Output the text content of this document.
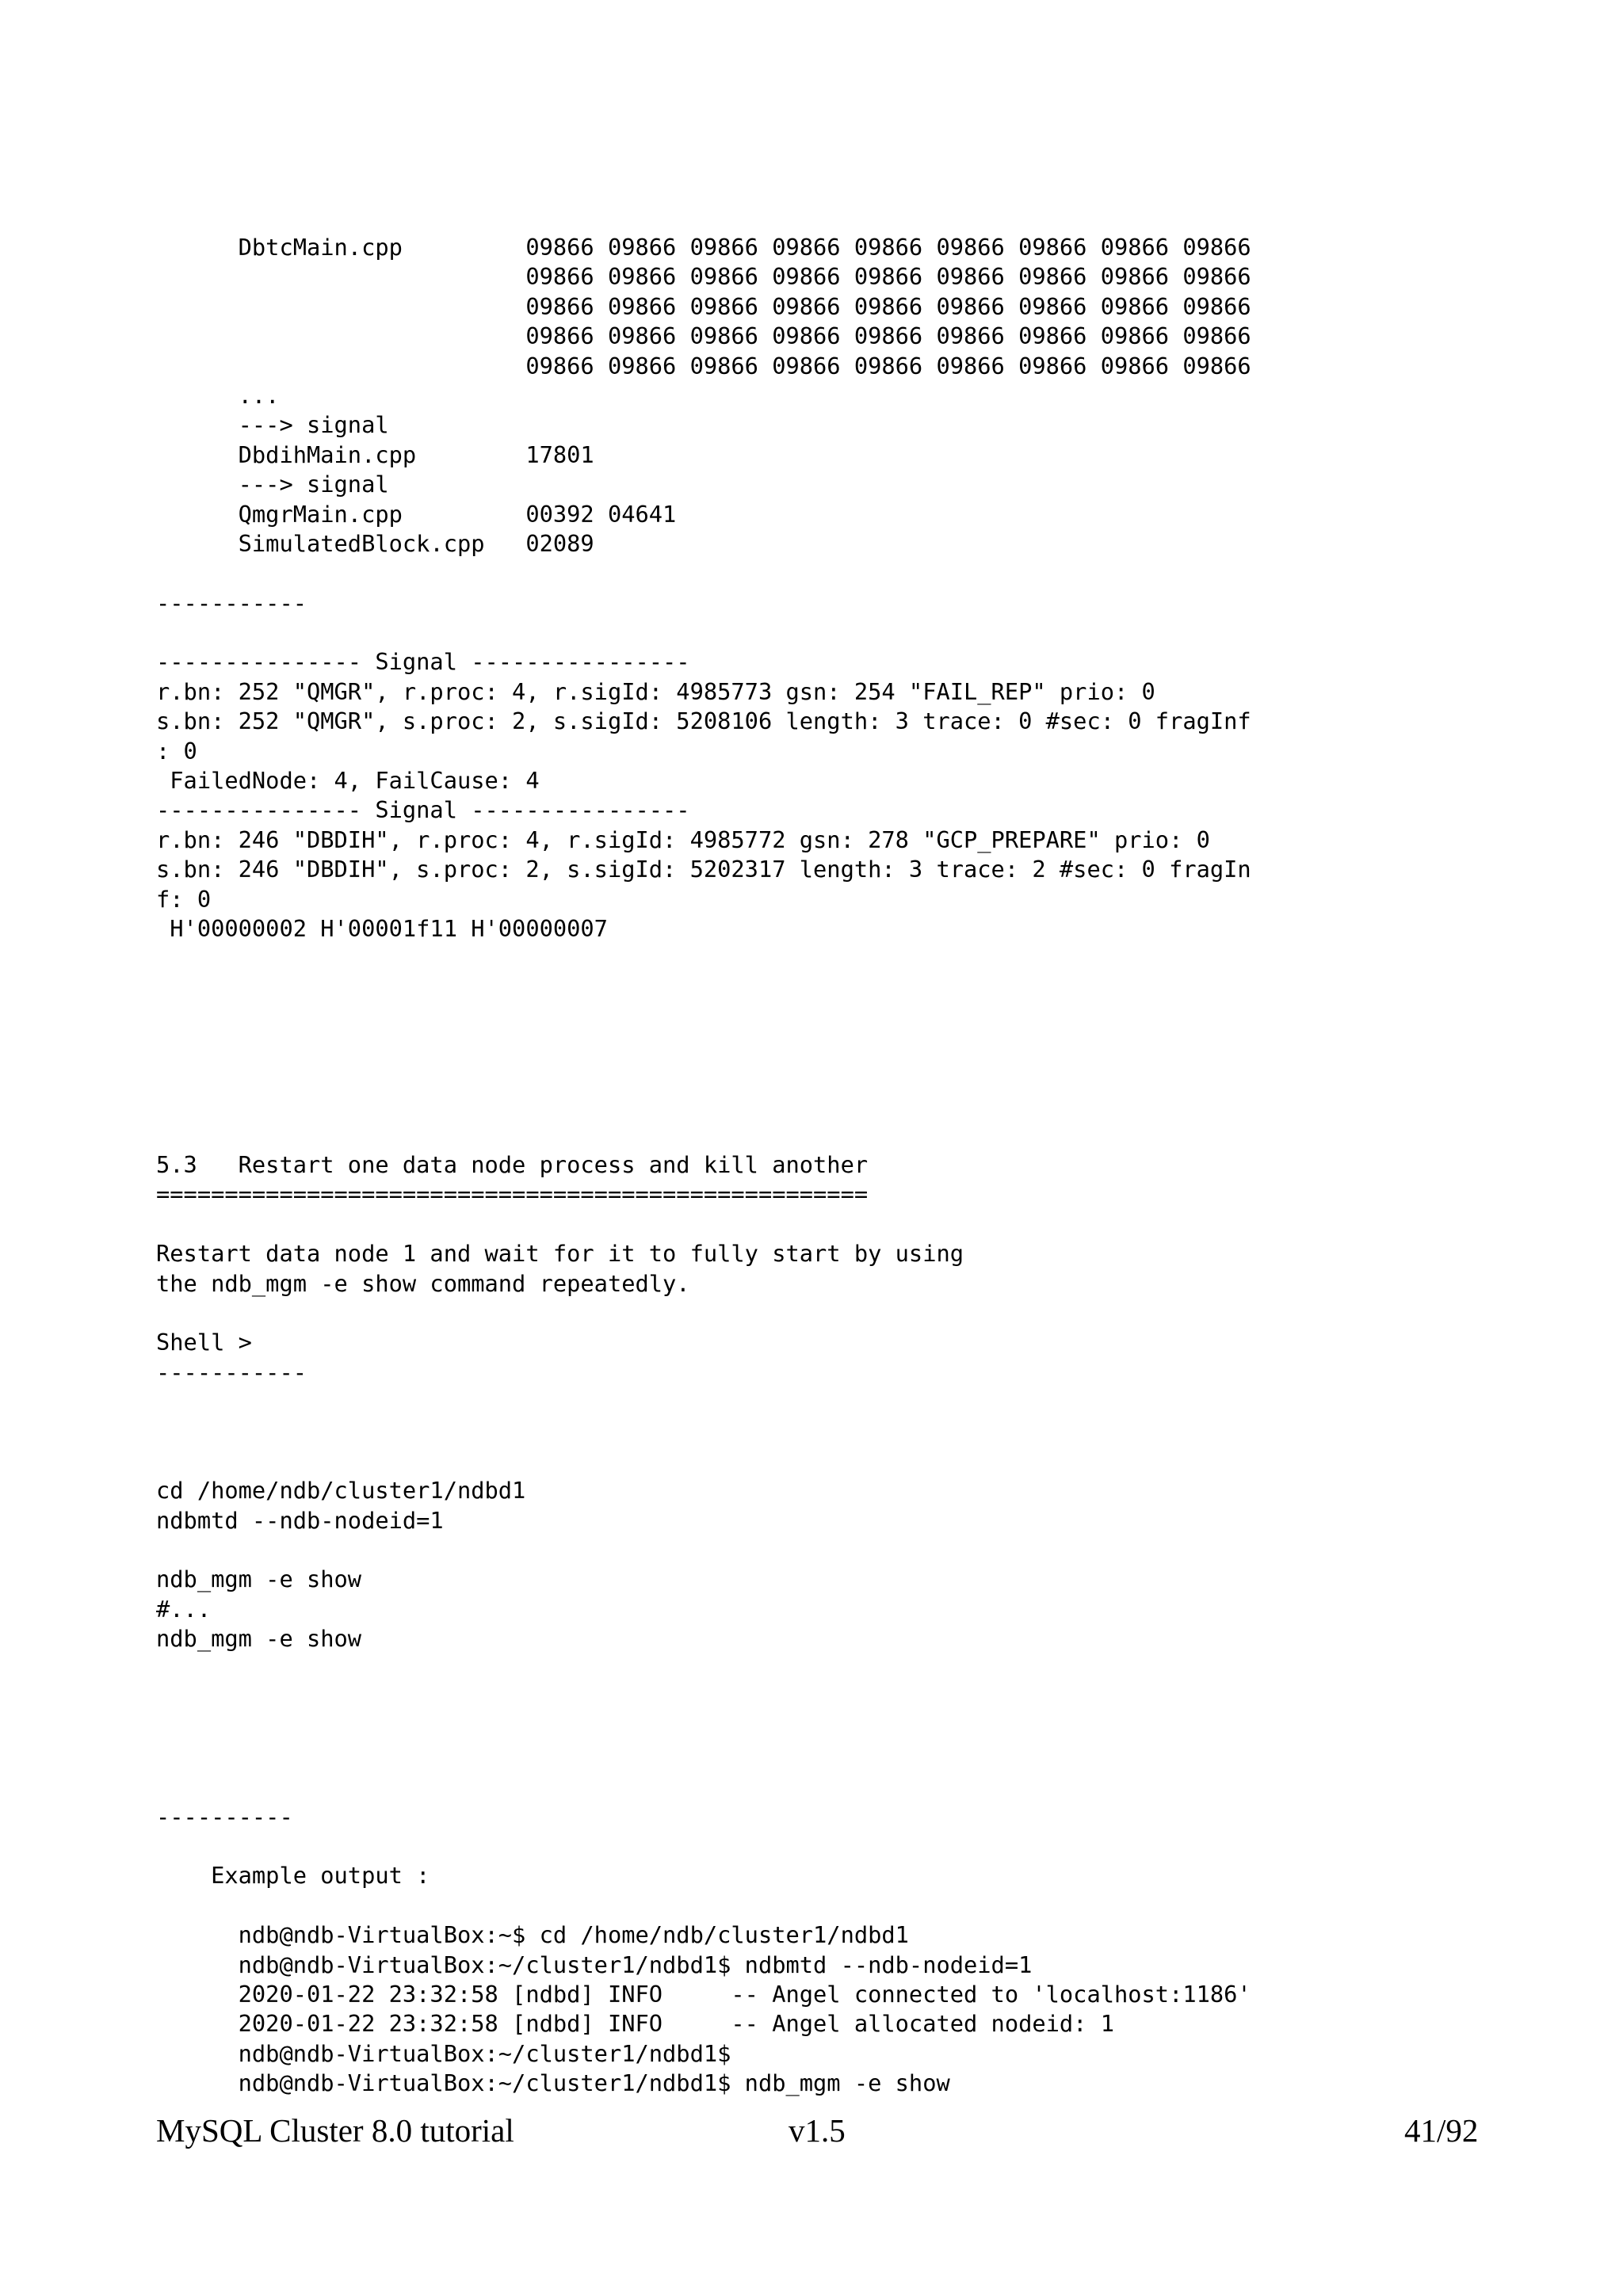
DbtcMain.cpp         09866 09866 09866 09866 09866 09866 09866 09866 09866
09866 09866 09866 09866 09866 09866 09866 09866 09866
09866 09866 09866 09866 09866 09866 09866 09866 09866
09866 09866 09866 09866 09866 09866 09866 09866 09866
09866 09866 09866 09866 09866 09866 09866 09866 09866
...
---> signal
DbdihMain.cpp        17801
---> signal
QmgrMain.cpp         00392 04641
SimulatedBlock.cpp   02089
-----------
--------------- Signal ----------------
r.bn: 252 "QMGR", r.proc: 4, r.sigId: 4985773 gsn: 254 "FAIL_REP" prio: 0
s.bn: 252 "QMGR", s.proc: 2, s.sigId: 5208106 length: 3 trace: 0 #sec: 0 fragInf
: 0
FailedNode: 4, FailCause: 4
--------------- Signal ----------------
r.bn: 246 "DBDIH", r.proc: 4, r.sigId: 4985772 gsn: 278 "GCP_PREPARE" prio: 0
s.bn: 246 "DBDIH", s.proc: 2, s.sigId: 5202317 length: 3 trace: 2 #sec: 0 fragIn
f: 0
H'00000002 H'00001f11 H'00000007
5.3   Restart one data node process and kill another
====================================================
Restart data node 1 and wait for it to fully start by using
the ndb_mgm -e show command repeatedly.
Shell >
-----------
cd /home/ndb/cluster1/ndbd1
ndbmtd --ndb-nodeid=1
ndb_mgm -e show
#...
ndb_mgm -e show
----------
Example output :
ndb@ndb-VirtualBox:~$ cd /home/ndb/cluster1/ndbd1
ndb@ndb-VirtualBox:~/cluster1/ndbd1$ ndbmtd --ndb-nodeid=1
2020-01-22 23:32:58 [ndbd] INFO     -- Angel connected to 'localhost:1186'
2020-01-22 23:32:58 [ndbd] INFO     -- Angel allocated nodeid: 1
ndb@ndb-VirtualBox:~/cluster1/ndbd1$
ndb@ndb-VirtualBox:~/cluster1/ndbd1$ ndb_mgm -e show
MySQL Cluster 8.0 tutorial	v1.5	41/92
